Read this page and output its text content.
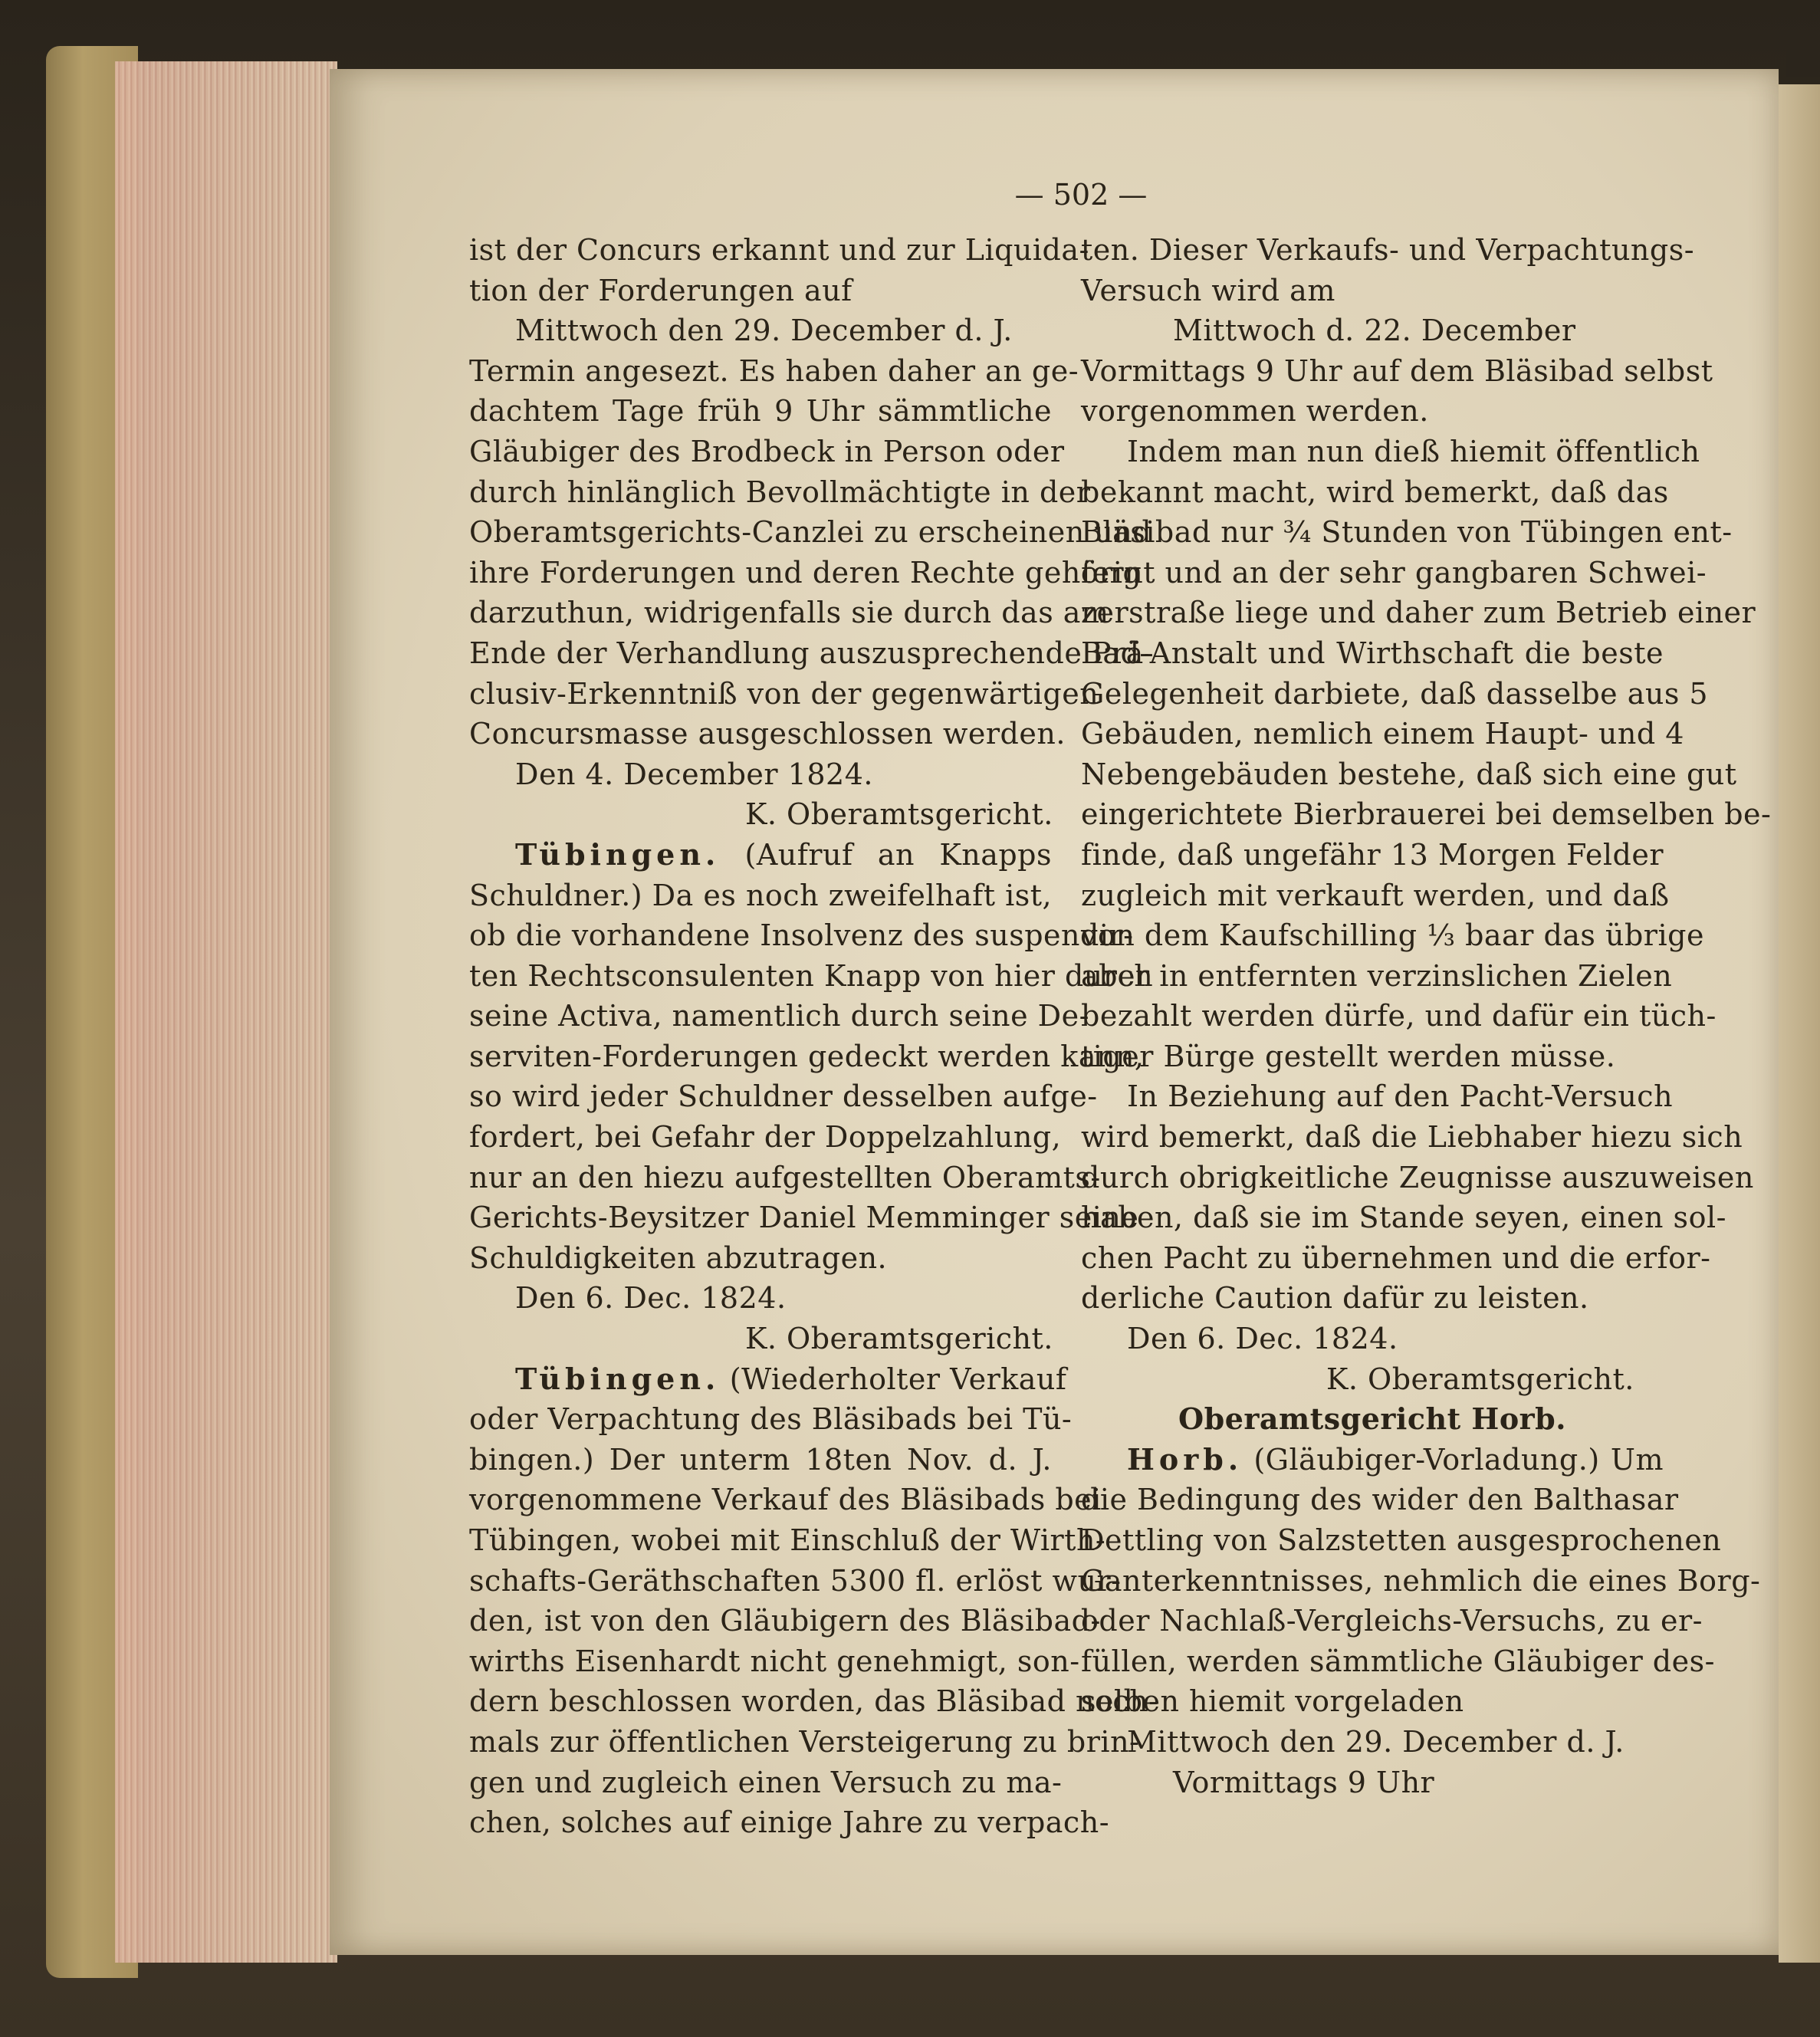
— 502 —
ist der Concurs erkannt und zur Liquida-
tion der Forderungen auf
Mittwoch den 29. December d. J.
Termin angesezt. Es haben daher an ge-
dachtem Tage früh 9 Uhr sämmtliche
Gläubiger des Brodbeck in Person oder
durch hinlänglich Bevollmächtigte in der
Oberamtsgerichts-Canzlei zu erscheinen und
ihre Forderungen und deren Rechte gehörig
darzuthun, widrigenfalls sie durch das am
Ende der Verhandlung auszusprechende Prä-
clusiv-Erkenntniß von der gegenwärtigen
Concursmasse ausgeschlossen werden.
Den 4. December 1824.
K. Oberamtsgericht.
Tübingen. (Aufruf an Knapps
Schuldner.) Da es noch zweifelhaft ist,
ob die vorhandene Insolvenz des suspendir-
ten Rechtsconsulenten Knapp von hier durch
seine Activa, namentlich durch seine De-
serviten-Forderungen gedeckt werden kann,
so wird jeder Schuldner desselben aufge-
fordert, bei Gefahr der Doppelzahlung,
nur an den hiezu aufgestellten Oberamts-
Gerichts-Beysitzer Daniel Memminger seine
Schuldigkeiten abzutragen.
Den 6. Dec. 1824.
K. Oberamtsgericht.
Tübingen. (Wiederholter Verkauf
oder Verpachtung des Bläsibads bei Tü-
bingen.) Der unterm 18ten Nov. d. J.
vorgenommene Verkauf des Bläsibads bei
Tübingen, wobei mit Einschluß der Wirth-
schafts-Geräthschaften 5300 fl. erlöst wur-
den, ist von den Gläubigern des Bläsibad-
wirths Eisenhardt nicht genehmigt, son-
dern beschlossen worden, das Bläsibad noch-
mals zur öffentlichen Versteigerung zu brin-
gen und zugleich einen Versuch zu ma-
chen, solches auf einige Jahre zu verpach-
ten. Dieser Verkaufs- und Verpachtungs-
Versuch wird am
Mittwoch d. 22. December
Vormittags 9 Uhr auf dem Bläsibad selbst
vorgenommen werden.
Indem man nun dieß hiemit öffentlich
bekannt macht, wird bemerkt, daß das
Bläsibad nur ¾ Stunden von Tübingen ent-
fernt und an der sehr gangbaren Schwei-
zerstraße liege und daher zum Betrieb einer
Bad-Anstalt und Wirthschaft die beste
Gelegenheit darbiete, daß dasselbe aus 5
Gebäuden, nemlich einem Haupt- und 4
Nebengebäuden bestehe, daß sich eine gut
eingerichtete Bierbrauerei bei demselben be-
finde, daß ungefähr 13 Morgen Felder
zugleich mit verkauft werden, und daß
von dem Kaufschilling ⅓ baar das übrige
aber in entfernten verzinslichen Zielen
bezahlt werden dürfe, und dafür ein tüch-
tiger Bürge gestellt werden müsse.
In Beziehung auf den Pacht-Versuch
wird bemerkt, daß die Liebhaber hiezu sich
durch obrigkeitliche Zeugnisse auszuweisen
haben, daß sie im Stande seyen, einen sol-
chen Pacht zu übernehmen und die erfor-
derliche Caution dafür zu leisten.
Den 6. Dec. 1824.
K. Oberamtsgericht.
Oberamtsgericht Horb.
Horb. (Gläubiger-Vorladung.) Um
die Bedingung des wider den Balthasar
Dettling von Salzstetten ausgesprochenen
Ganterkenntnisses, nehmlich die eines Borg-
oder Nachlaß-Vergleichs-Versuchs, zu er-
füllen, werden sämmtliche Gläubiger des-
selben hiemit vorgeladen
Mittwoch den 29. December d. J.
Vormittags 9 Uhr
